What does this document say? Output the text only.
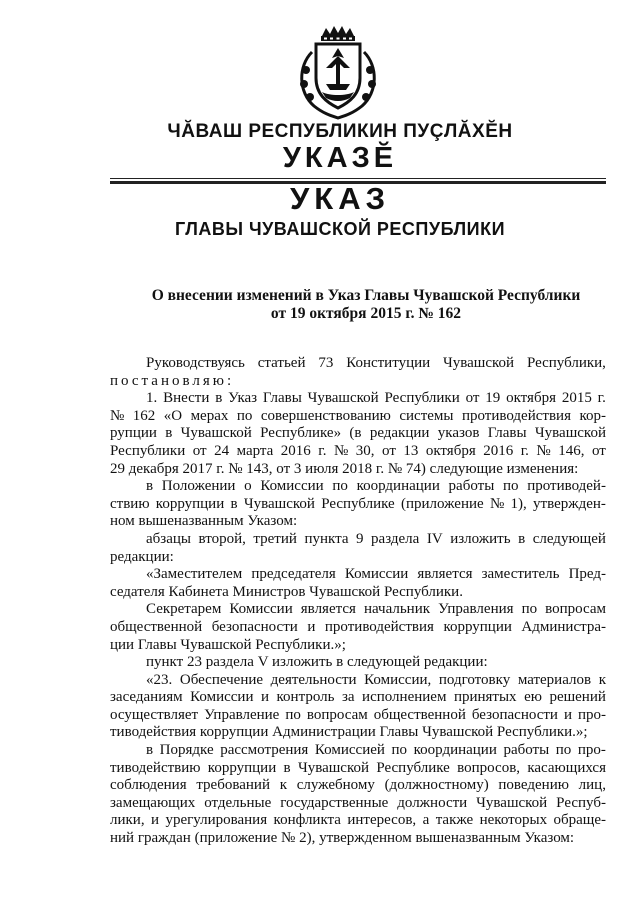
ЧĂВАШ РЕСПУБЛИКИН ПУÇЛĂХĔН
УКАЗĔ
УКАЗ
ГЛАВЫ ЧУВАШСКОЙ РЕСПУБЛИКИ
О внесении изменений в Указ Главы Чувашской Республики
от 19 октября 2015 г. № 162
Руководствуясь статьей 73 Конституции Чувашской Республики,
постановляю:
1. Внести в Указ Главы Чувашской Республики от 19 октября 2015 г.
№ 162 «О мерах по совершенствованию системы противодействия кор-
рупции в Чувашской Республике» (в редакции указов Главы Чувашской
Республики от 24 марта 2016 г. № 30, от 13 октября 2016 г. № 146, от
29 декабря 2017 г. № 143, от 3 июля 2018 г. № 74) следующие изменения:
в Положении о Комиссии по координации работы по противодей-
ствию коррупции в Чувашской Республике (приложение № 1), утвержден-
ном вышеназванным Указом:
абзацы второй, третий пункта 9 раздела IV изложить в следующей
редакции:
«Заместителем председателя Комиссии является заместитель Пред-
седателя Кабинета Министров Чувашской Республики.
Секретарем Комиссии является начальник Управления по вопросам
общественной безопасности и противодействия коррупции Администра-
ции Главы Чувашской Республики.»;
пункт 23 раздела V изложить в следующей редакции:
«23. Обеспечение деятельности Комиссии, подготовку материалов к
заседаниям Комиссии и контроль за исполнением принятых ею решений
осуществляет Управление по вопросам общественной безопасности и про-
тиводействия коррупции Администрации Главы Чувашской Республики.»;
в Порядке рассмотрения Комиссией по координации работы по про-
тиводействию коррупции в Чувашской Республике вопросов, касающихся
соблюдения требований к служебному (должностному) поведению лиц,
замещающих отдельные государственные должности Чувашской Респуб-
лики, и урегулирования конфликта интересов, а также некоторых обраще-
ний граждан (приложение № 2), утвержденном вышеназванным Указом:
